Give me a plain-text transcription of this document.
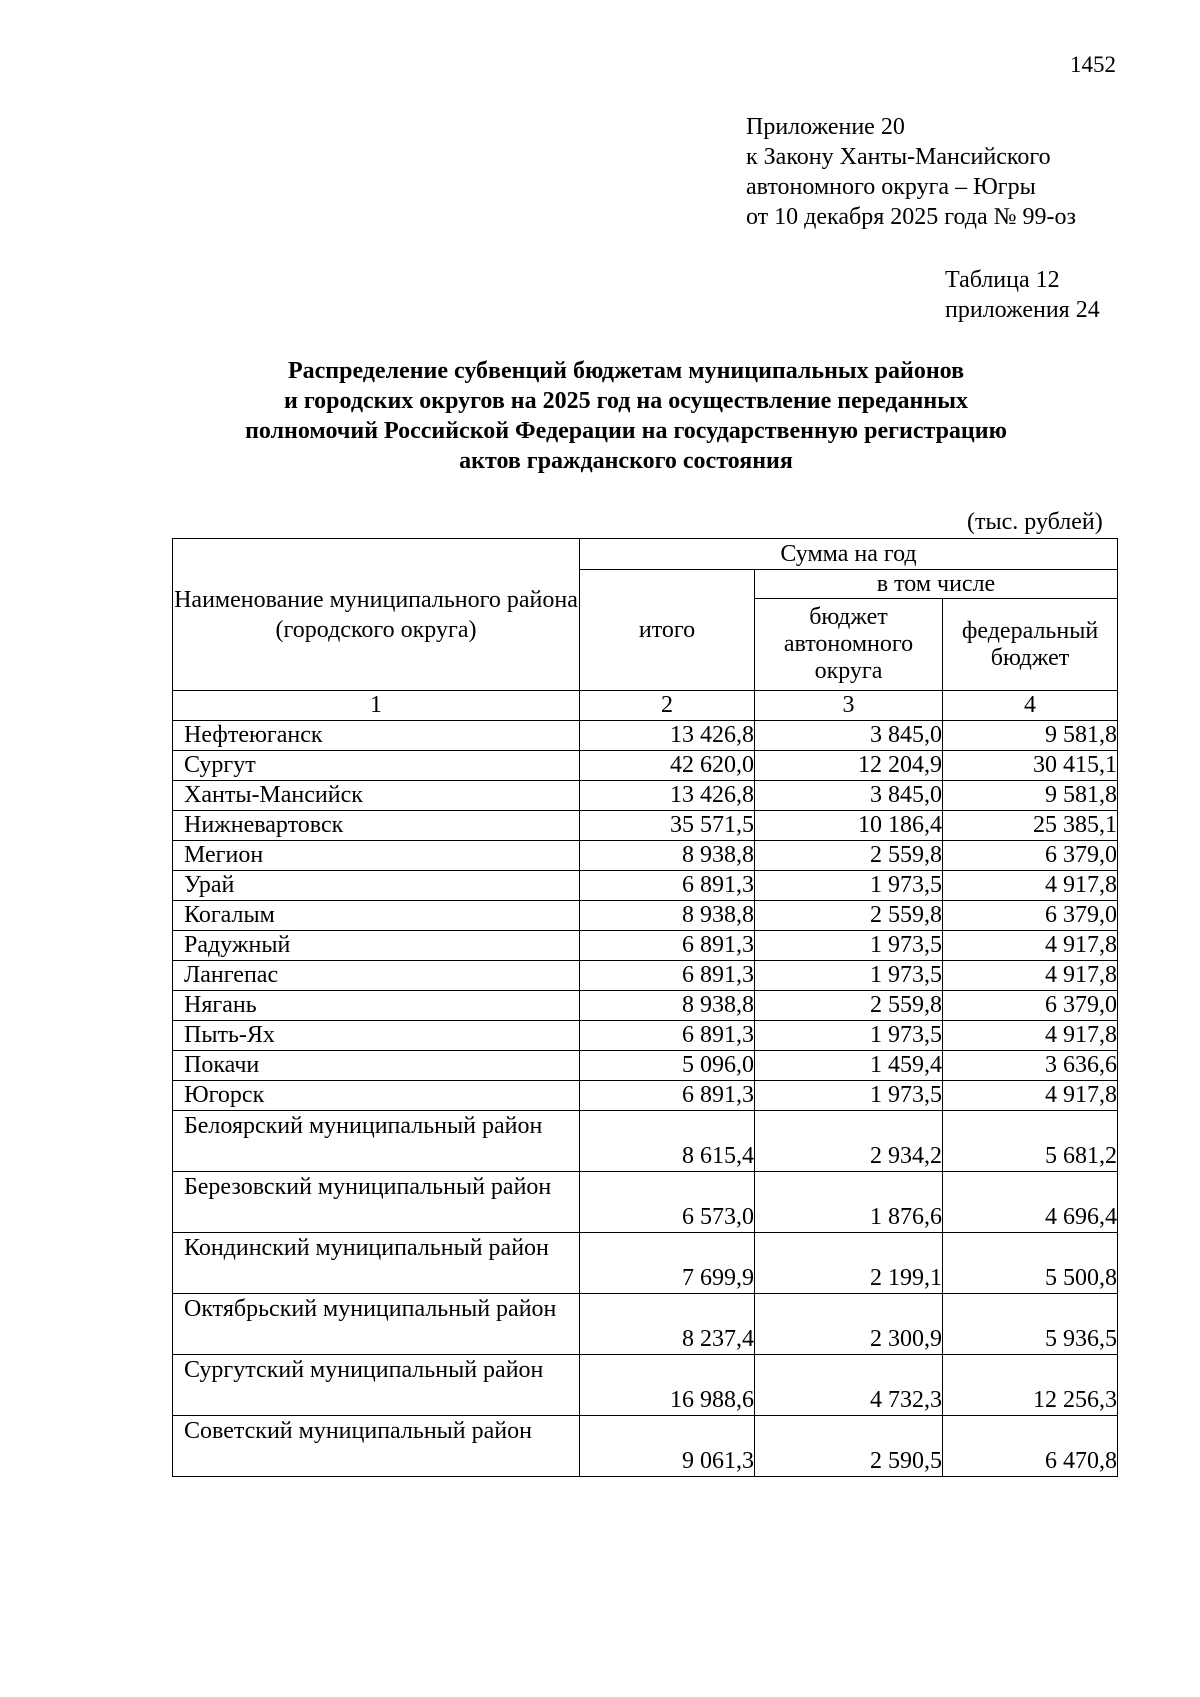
1452
Приложение 20
к Закону Ханты-Мансийского
автономного округа – Югры
от 10 декабря 2025 года № 99-оз
Таблица 12
приложения 24
Распределение субвенций бюджетам муниципальных районов
и городских округов на 2025 год на осуществление переданных
полномочий Российской Федерации на государственную регистрацию
актов гражданского состояния
(тыс. рублей)
Наименование муниципального района (городского округа)	Сумма на год		
	итого	в том числе	
		бюджет автономного округа	федеральный бюджет
1	2	3	4
Нефтеюганск	13 426,8	3 845,0	9 581,8
Сургут	42 620,0	12 204,9	30 415,1
Ханты-Мансийск	13 426,8	3 845,0	9 581,8
Нижневартовск	35 571,5	10 186,4	25 385,1
Мегион	8 938,8	2 559,8	6 379,0
Урай	6 891,3	1 973,5	4 917,8
Когалым	8 938,8	2 559,8	6 379,0
Радужный	6 891,3	1 973,5	4 917,8
Лангепас	6 891,3	1 973,5	4 917,8
Нягань	8 938,8	2 559,8	6 379,0
Пыть-Ях	6 891,3	1 973,5	4 917,8
Покачи	5 096,0	1 459,4	3 636,6
Югорск	6 891,3	1 973,5	4 917,8
Белоярский муниципальный район	8 615,4	2 934,2	5 681,2
Березовский муниципальный район	6 573,0	1 876,6	4 696,4
Кондинский муниципальный район	7 699,9	2 199,1	5 500,8
Октябрьский муниципальный район	8 237,4	2 300,9	5 936,5
Сургутский муниципальный район	16 988,6	4 732,3	12 256,3
Советский муниципальный район	9 061,3	2 590,5	6 470,8
